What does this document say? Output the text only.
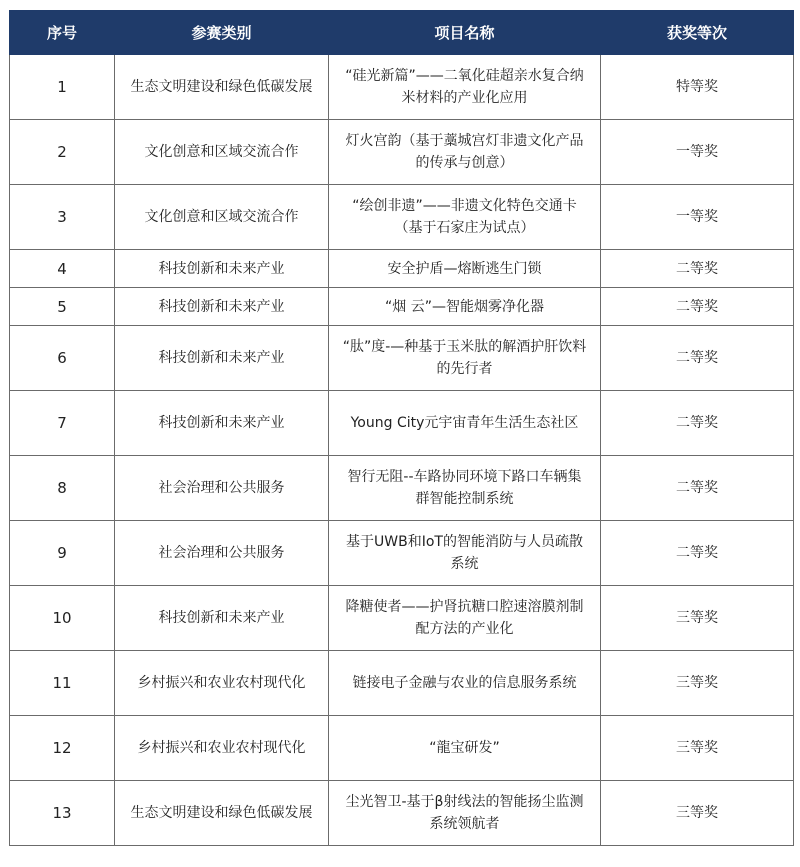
序号	参赛类别	项目名称	获奖等次
1	生态文明建设和绿色低碳发展	“硅光新篇”——二氧化硅超亲水复合纳米材料的产业化应用	特等奖
2	文化创意和区域交流合作	灯火宫韵（基于藁城宫灯非遗文化产品的传承与创意）	一等奖
3	文化创意和区域交流合作	“绘创非遗”——非遗文化特色交通卡（基于石家庄为试点）	一等奖
4	科技创新和未来产业	安全护盾—熔断逃生门锁	二等奖
5	科技创新和未来产业	“烟 云”—智能烟雾净化器	二等奖
6	科技创新和未来产业	“肽”度-—种基于玉米肽的解酒护肝饮料的先行者	二等奖
7	科技创新和未来产业	Young City元宇宙青年生活生态社区	二等奖
8	社会治理和公共服务	智行无阻--车路协同环境下路口车辆集群智能控制系统	二等奖
9	社会治理和公共服务	基于UWB和IoT的智能消防与人员疏散系统	二等奖
10	科技创新和未来产业	降糖使者——护肾抗糖口腔速溶膜剂制配方法的产业化	三等奖
11	乡村振兴和农业农村现代化	链接电子金融与农业的信息服务系统	三等奖
12	乡村振兴和农业农村现代化	“龍宝研发”	三等奖
13	生态文明建设和绿色低碳发展	尘光智卫-基于β射线法的智能扬尘监测系统领航者	三等奖
